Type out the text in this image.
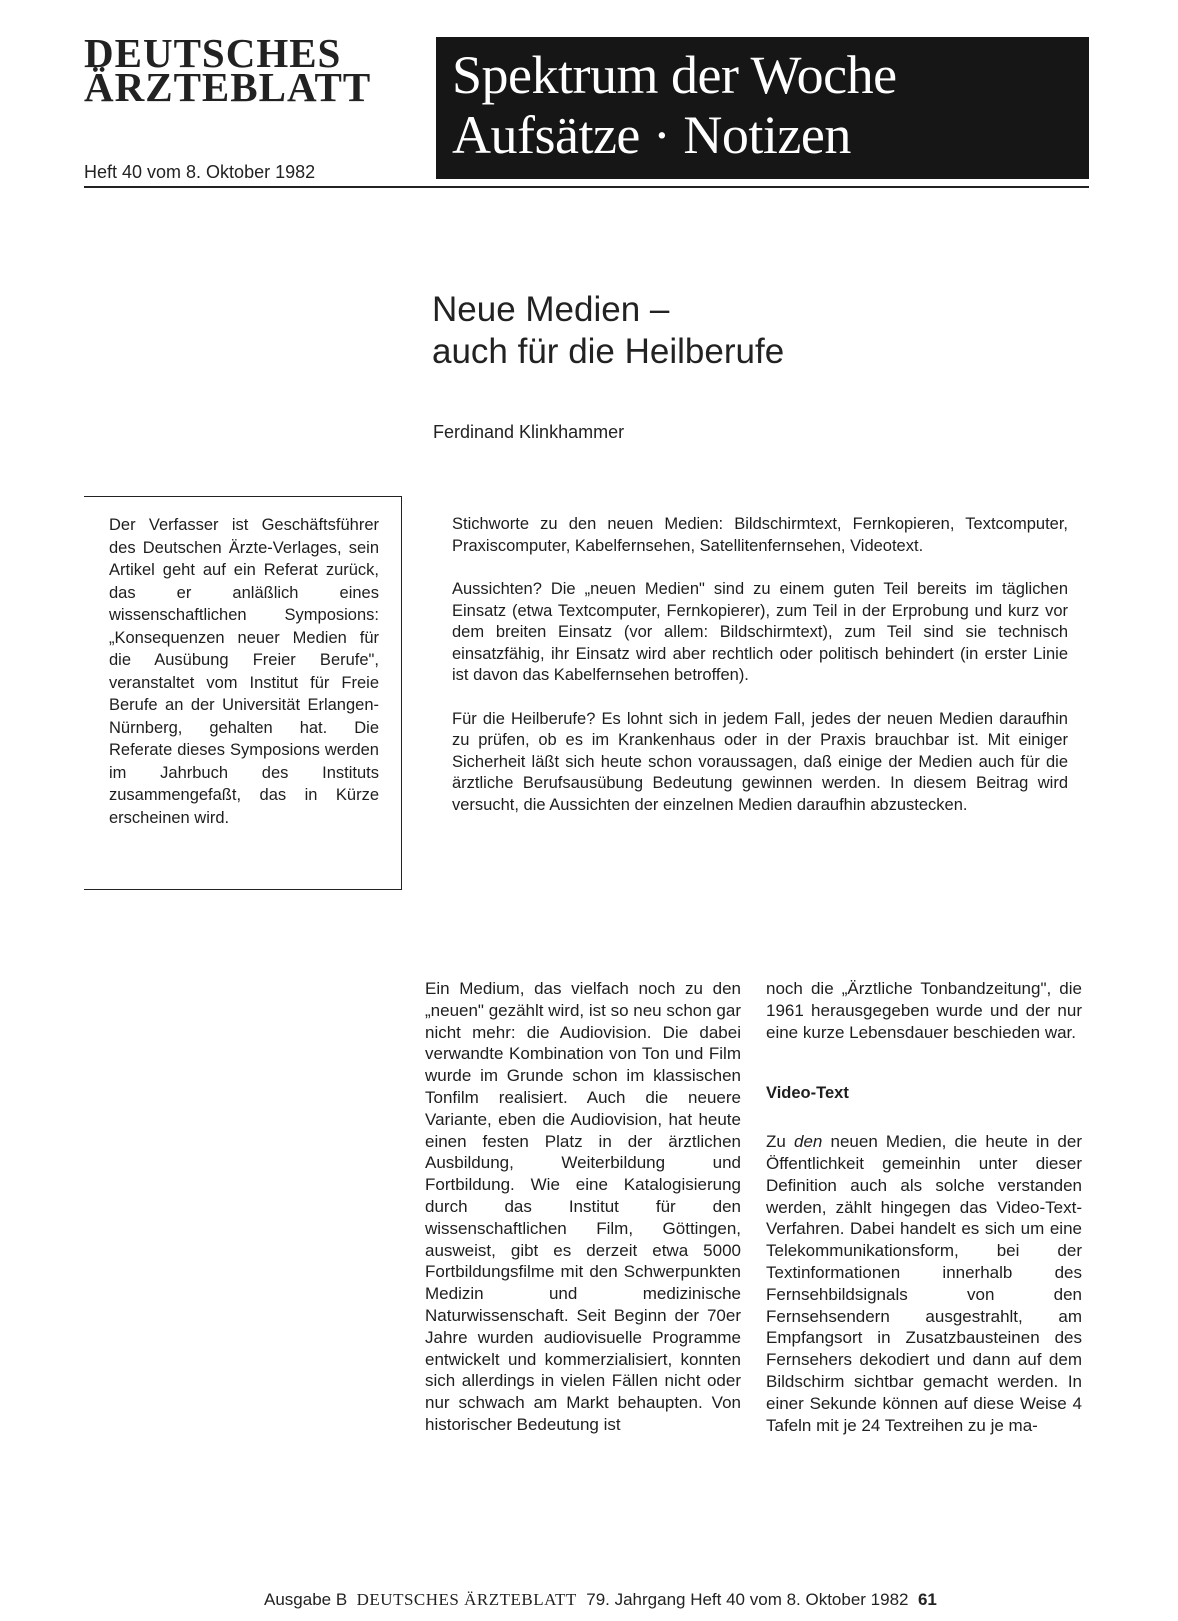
DEUTSCHES
ÄRZTEBLATT
Heft 40 vom 8. Oktober 1982
Spektrum der Woche
Aufsätze · Notizen
Neue Medien –
auch für die Heilberufe
Ferdinand Klinkhammer

Der Verfasser ist Geschäftsführer des Deutschen Ärzte-Verlages, sein Artikel geht auf ein Referat zurück, das er anläßlich eines wissenschaftlichen Symposions: „Konsequenzen neuer Medien für die Ausübung Freier Berufe", veranstaltet vom Institut für Freie Berufe an der Universität Erlangen-Nürnberg, gehalten hat. Die Referate dieses Symposions werden im Jahrbuch des Instituts zusammengefaßt, das in Kürze erscheinen wird.

Stichworte zu den neuen Medien: Bildschirmtext, Fernkopieren, Textcomputer, Praxiscomputer, Kabelfernsehen, Satellitenfernsehen, Videotext.

Aussichten? Die „neuen Medien" sind zu einem guten Teil bereits im täglichen Einsatz (etwa Textcomputer, Fernkopierer), zum Teil in der Erprobung und kurz vor dem breiten Einsatz (vor allem: Bildschirmtext), zum Teil sind sie technisch einsatzfähig, ihr Einsatz wird aber rechtlich oder politisch behindert (in erster Linie ist davon das Kabelfernsehen betroffen).

Für die Heilberufe? Es lohnt sich in jedem Fall, jedes der neuen Medien daraufhin zu prüfen, ob es im Krankenhaus oder in der Praxis brauchbar ist. Mit einiger Sicherheit läßt sich heute schon voraussagen, daß einige der Medien auch für die ärztliche Berufsausübung Bedeutung gewinnen werden. In diesem Beitrag wird versucht, die Aussichten der einzelnen Medien daraufhin abzustecken.

Ein Medium, das vielfach noch zu den „neuen" gezählt wird, ist so neu schon gar nicht mehr: die Audiovision. Die dabei verwandte Kombination von Ton und Film wurde im Grunde schon im klassischen Tonfilm realisiert. Auch die neuere Variante, eben die Audiovision, hat heute einen festen Platz in der ärztlichen Ausbildung, Weiterbildung und Fortbildung. Wie eine Katalogisierung durch das Institut für den wissenschaftlichen Film, Göttingen, ausweist, gibt es derzeit etwa 5000 Fortbildungsfilme mit den Schwerpunkten Medizin und medizinische Naturwissenschaft. Seit Beginn der 70er Jahre wurden audiovisuelle Programme entwickelt und kommerzialisiert, konnten sich allerdings in vielen Fällen nicht oder nur schwach am Markt behaupten. Von historischer Bedeutung ist

noch die „Ärztliche Tonbandzeitung", die 1961 herausgegeben wurde und der nur eine kurze Lebensdauer beschieden war.

Video-Text

Zu den neuen Medien, die heute in der Öffentlichkeit gemeinhin unter dieser Definition auch als solche verstanden werden, zählt hingegen das Video-Text-Verfahren. Dabei handelt es sich um eine Telekommunikationsform, bei der Textinformationen innerhalb des Fernsehbildsignals von den Fernsehsendern ausgestrahlt, am Empfangsort in Zusatzbausteinen des Fernsehers dekodiert und dann auf dem Bildschirm sichtbar gemacht werden. In einer Sekunde können auf diese Weise 4 Tafeln mit je 24 Textreihen zu je ma-

Ausgabe B DEUTSCHES ÄRZTEBLATT 79. Jahrgang Heft 40 vom 8. Oktober 1982 61
